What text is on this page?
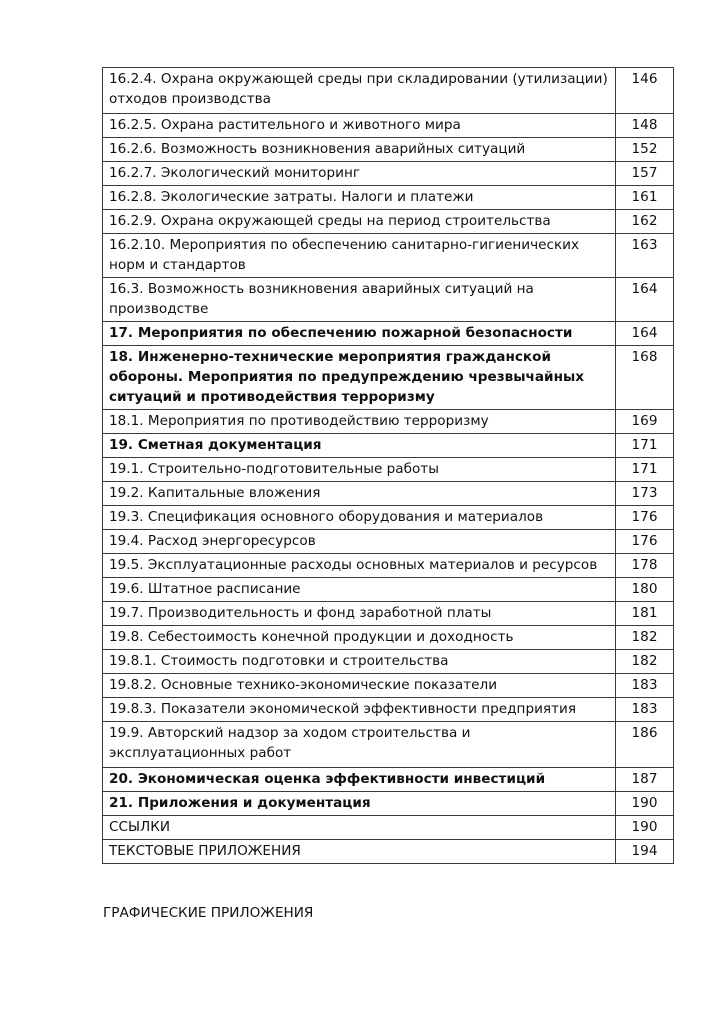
16.2.4. Охрана окружающей среды при складировании (утилизации) отходов производства	146
16.2.5. Охрана растительного и животного мира	148
16.2.6. Возможность возникновения аварийных ситуаций	152
16.2.7. Экологический мониторинг	157
16.2.8. Экологические затраты. Налоги и платежи	161
16.2.9. Охрана окружающей среды на период строительства	162
16.2.10. Мероприятия по обеспечению санитарно-гигиенических норм и стандартов	163
16.3. Возможность возникновения аварийных ситуаций на производстве	164
17. Мероприятия по обеспечению пожарной безопасности	164
18. Инженерно-технические мероприятия гражданской обороны. Мероприятия по предупреждению чрезвычайных ситуаций и противодействия терроризму	168
18.1. Мероприятия по противодействию терроризму	169
19. Сметная документация	171
19.1. Строительно-подготовительные работы	171
19.2. Капитальные вложения	173
19.3. Спецификация основного оборудования и материалов	176
19.4. Расход энергоресурсов	176
19.5. Эксплуатационные расходы основных материалов и ресурсов	178
19.6. Штатное расписание	180
19.7. Производительность и фонд заработной платы	181
19.8. Себестоимость конечной продукции и доходность	182
19.8.1. Стоимость подготовки и строительства	182
19.8.2. Основные технико-экономические показатели	183
19.8.3. Показатели экономической эффективности предприятия	183
19.9. Авторский надзор за ходом строительства и эксплуатационных работ	186
20. Экономическая оценка эффективности инвестиций	187
21. Приложения и документация	190
ССЫЛКИ	190
ТЕКСТОВЫЕ ПРИЛОЖЕНИЯ	194
ГРАФИЧЕСКИЕ ПРИЛОЖЕНИЯ
